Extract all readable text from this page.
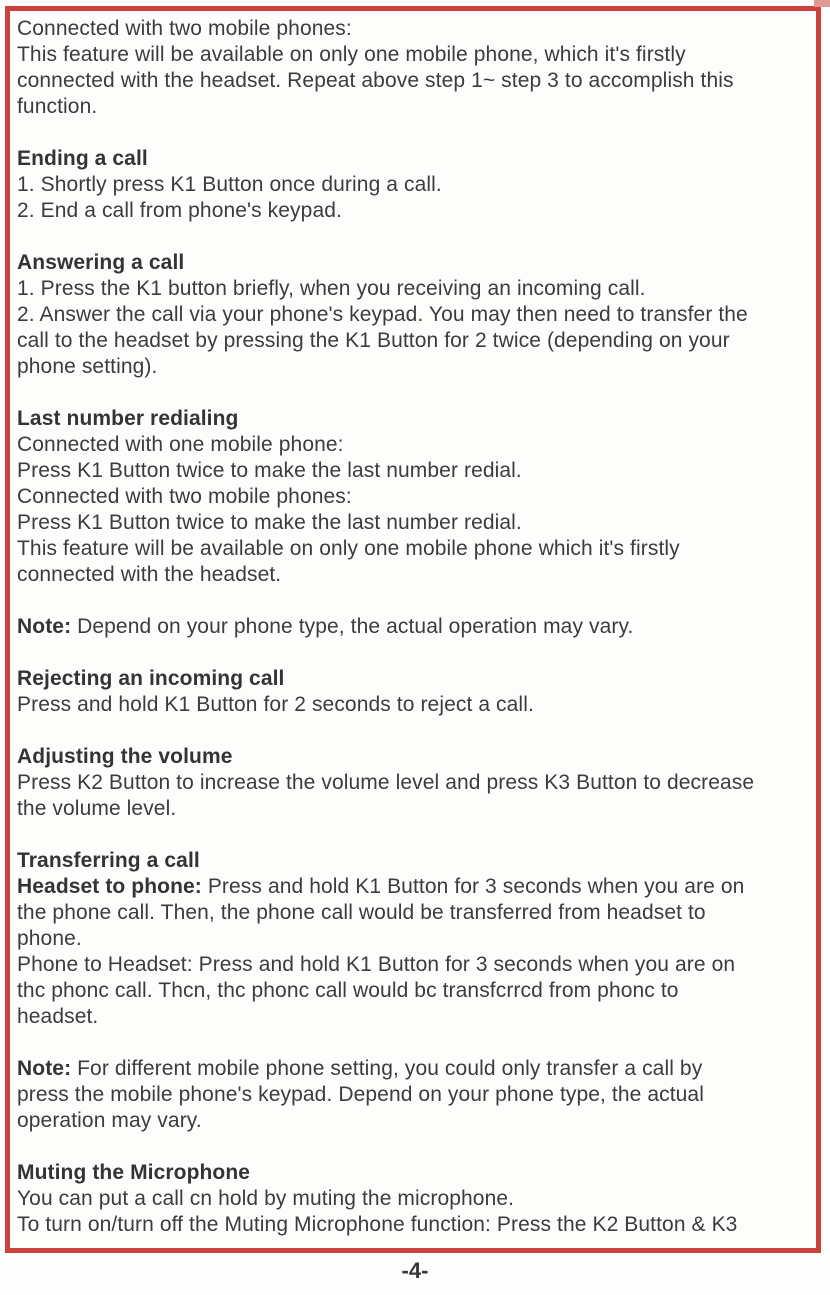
Connected with two mobile phones:
This feature will be available on only one mobile phone, which it's firstly
connected with the headset. Repeat above step 1~ step 3 to accomplish this
function.
Ending a call
1. Shortly press K1 Button once during a call.
2. End a call from phone's keypad.
Answering a call
1. Press the K1 button briefly, when you receiving an incoming call.
2. Answer the call via your phone's keypad. You may then need to transfer the
call to the headset by pressing the K1 Button for 2 twice (depending on your
phone setting).
Last number redialing
Connected with one mobile phone:
Press K1 Button twice to make the last number redial.
Connected with two mobile phones:
Press K1 Button twice to make the last number redial.
This feature will be available on only one mobile phone which it's firstly
connected with the headset.
Note: Depend on your phone type, the actual operation may vary.
Rejecting an incoming call
Press and hold K1 Button for 2 seconds to reject a call.
Adjusting the volume
Press K2 Button to increase the volume level and press K3 Button to decrease
the volume level.
Transferring a call
Headset to phone: Press and hold K1 Button for 3 seconds when you are on
the phone call. Then, the phone call would be transferred from headset to
phone.
Phone to Headset: Press and hold K1 Button for 3 seconds when you are on
thc phonc call. Thcn, thc phonc call would bc transfcrrcd from phonc to
headset.
Note: For different mobile phone setting, you could only transfer a call by
press the mobile phone's keypad. Depend on your phone type, the actual
operation may vary.
Muting the Microphone
You can put a call cn hold by muting the microphone.
To turn on/turn off the Muting Microphone function: Press the K2 Button & K3
-4-
